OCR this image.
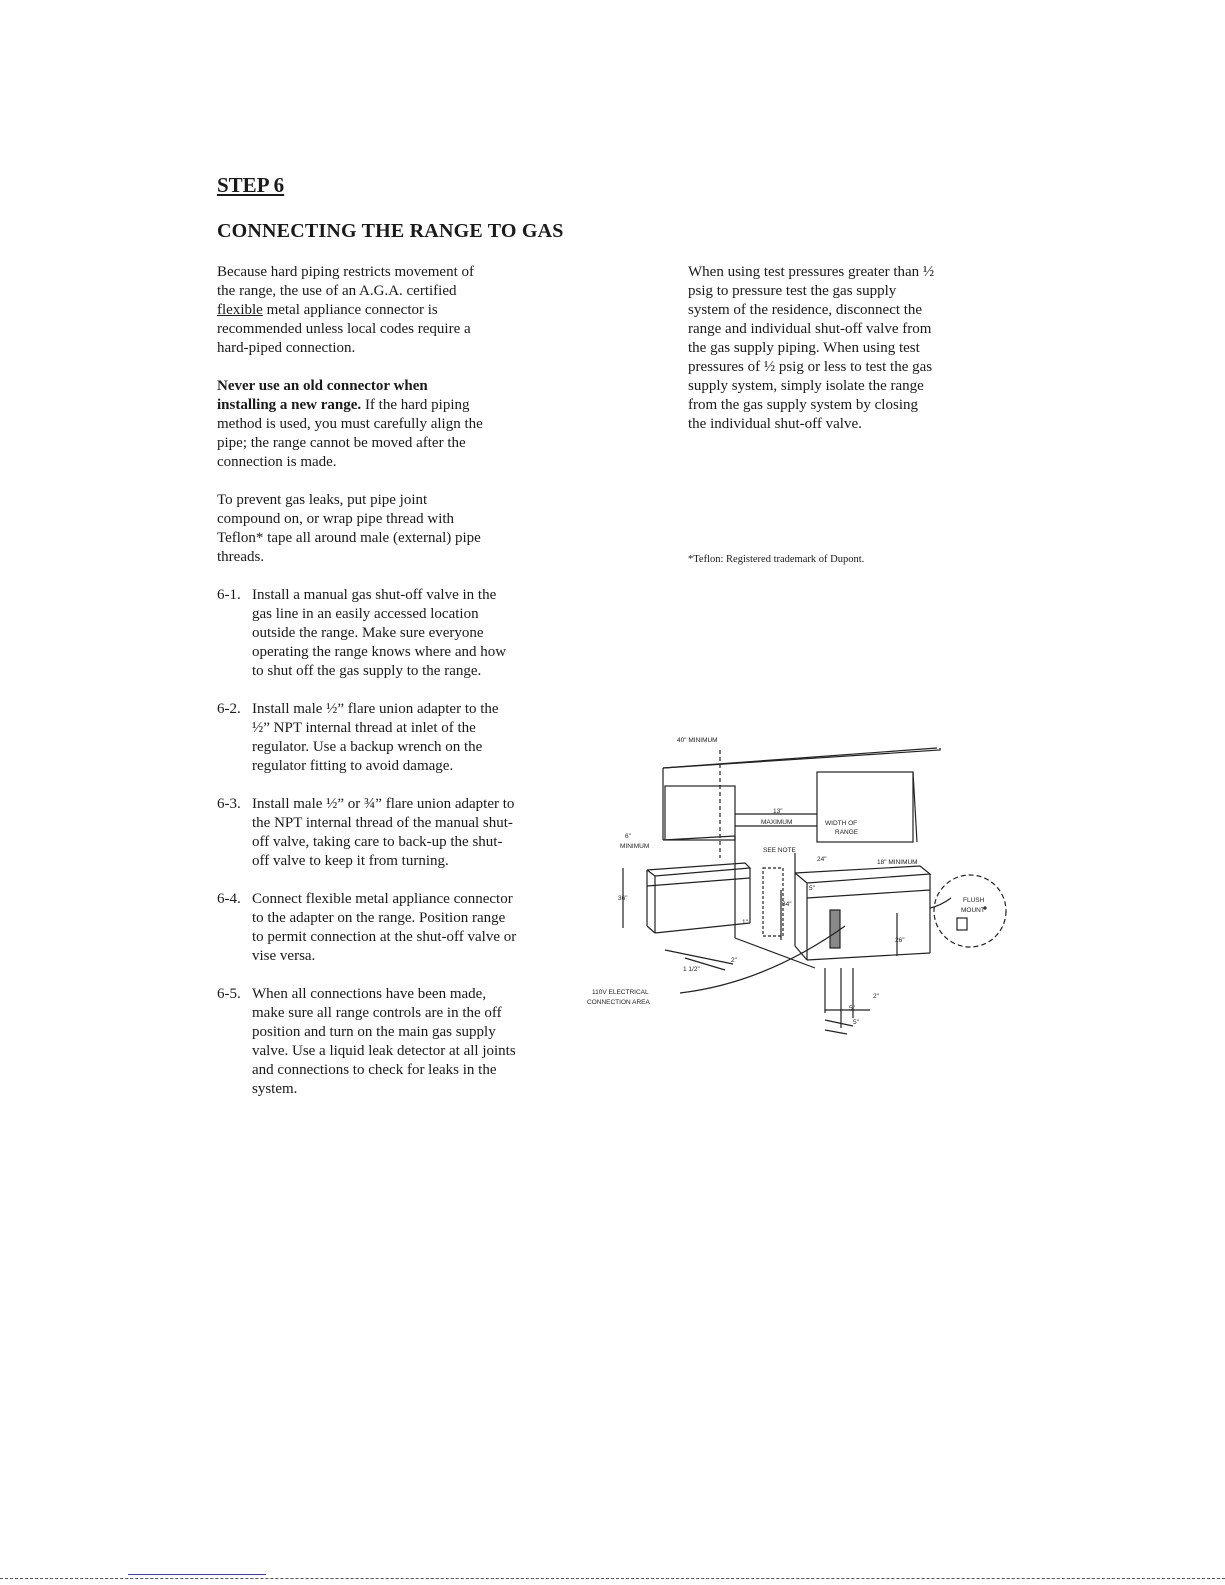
STEP 6
CONNECTING THE RANGE TO GAS

Because hard piping restricts movement of the range, the use of an A.G.A. certified flexible metal appliance connector is recommended unless local codes require a hard-piped connection.

Never use an old connector when installing a new range. If the hard piping method is used, you must carefully align the pipe; the range cannot be moved after the connection is made.

To prevent gas leaks, put pipe joint compound on, or wrap pipe thread with Teflon* tape all around male (external) pipe threads.

6-1. Install a manual gas shut-off valve in the gas line in an easily accessed location outside the range. Make sure everyone operating the range knows where and how to shut off the gas supply to the range.
6-2. Install male ½” flare union adapter to the ½” NPT internal thread at inlet of the regulator. Use a backup wrench on the regulator fitting to avoid damage.
6-3. Install male ½” or ¾” flare union adapter to the NPT internal thread of the manual shut-off valve, taking care to back-up the shut-off valve to keep it from turning.
6-4. Connect flexible metal appliance connector to the adapter on the range. Position range to permit connection at the shut-off valve or vise versa.
6-5. When all connections have been made, make sure all range controls are in the off position and turn on the main gas supply valve. Use a liquid leak detector at all joints and connections to check for leaks in the system.

When using test pressures greater than ½ psig to pressure test the gas supply system of the residence, disconnect the range and individual shut-off valve from the gas supply piping. When using test pressures of ½ psig or less to test the gas supply system, simply isolate the range from the gas supply system by closing the individual shut-off valve.

*Teflon: Registered trademark of Dupont.

40" MINIMUM
13"
MAXIMUM	WIDTH OF
RANGE
6"
MINIMUM
SEE NOTE
24"	18" MINIMUM
FLUSH
MOUNT
36"
34"
5"
26"
1"
2"
1 1/2"
110V ELECTRICAL
CONNECTION AREA
2"
5"
5"
